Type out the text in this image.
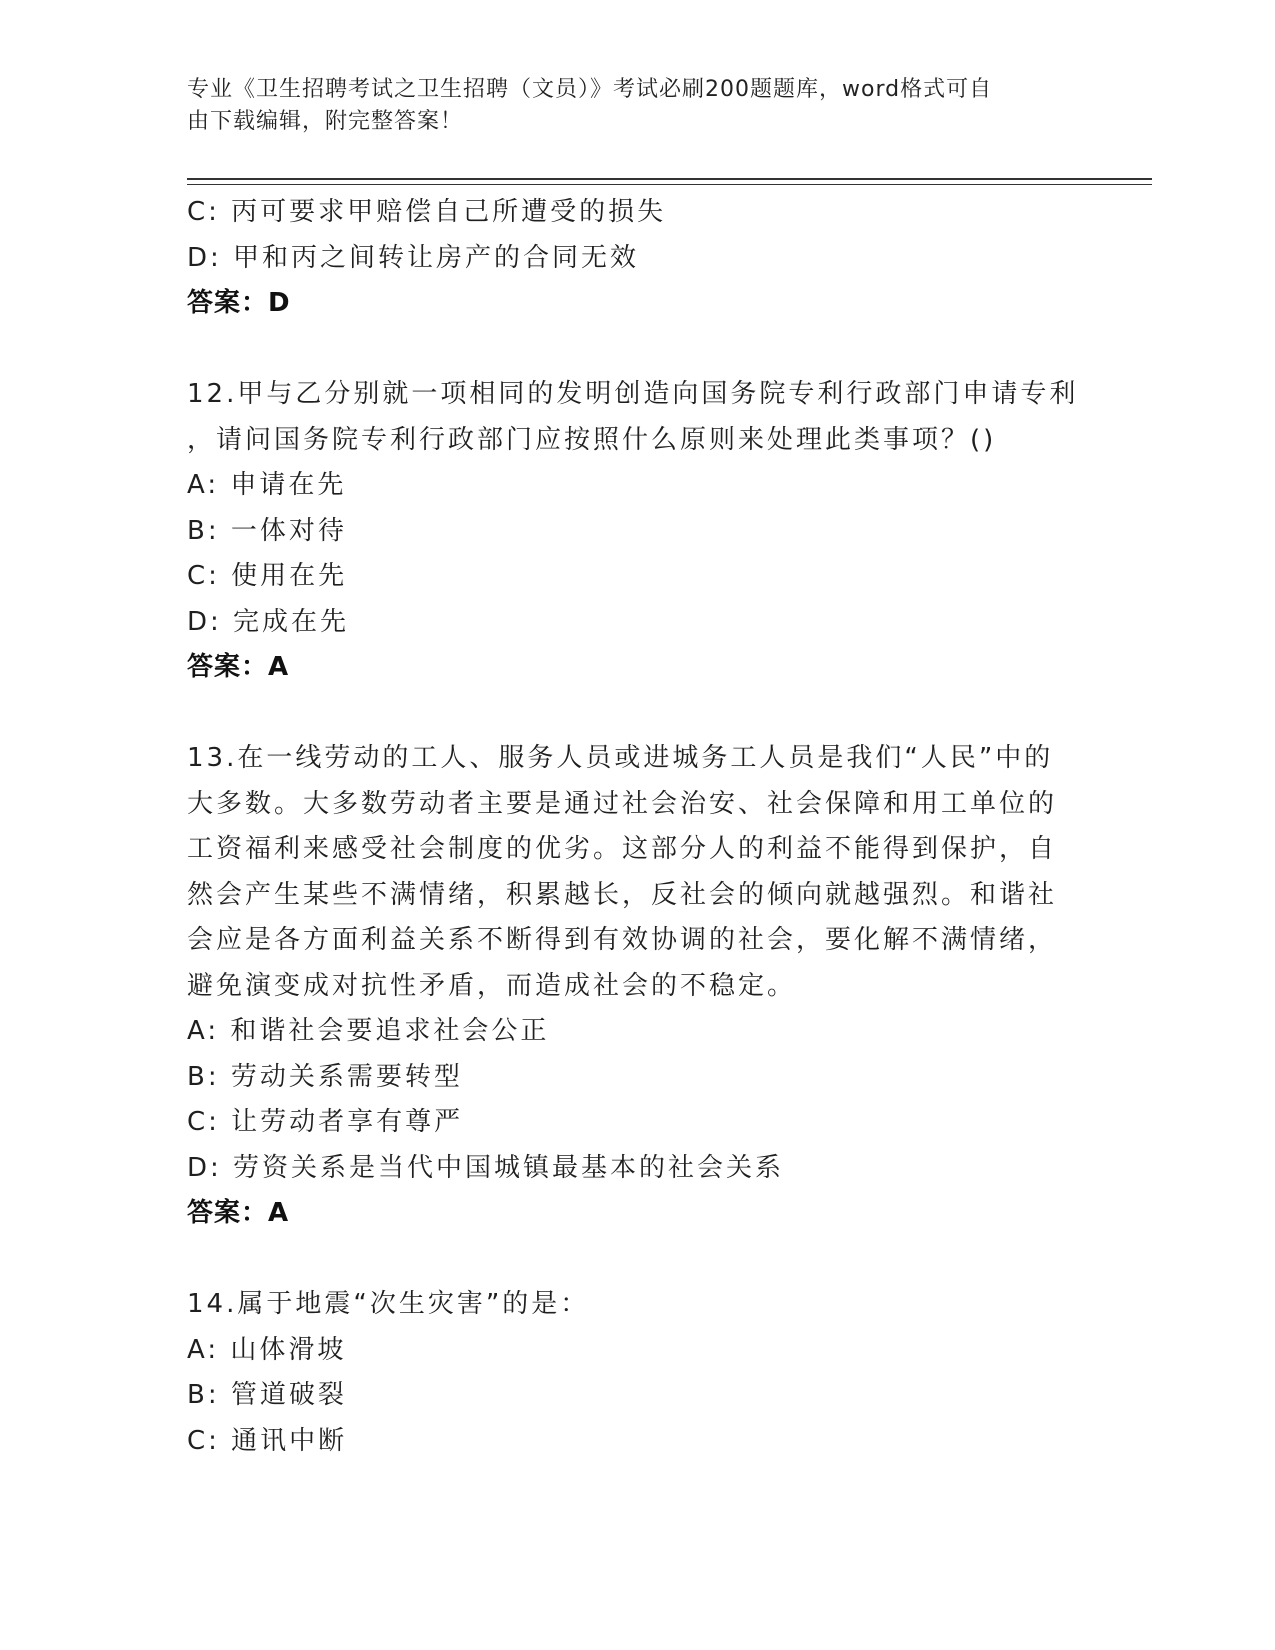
专业《卫生招聘考试之卫生招聘（文员）》考试必刷200题题库，word格式可自
由下载编辑，附完整答案！
C: 丙可要求甲赔偿自己所遭受的损失
D: 甲和丙之间转让房产的合同无效
答案：D
12.甲与乙分别就一项相同的发明创造向国务院专利行政部门申请专利
，请问国务院专利行政部门应按照什么原则来处理此类事项？()
A: 申请在先
B: 一体对待
C: 使用在先
D: 完成在先
答案：A
13.在一线劳动的工人、服务人员或进城务工人员是我们“人民”中的
大多数。大多数劳动者主要是通过社会治安、社会保障和用工单位的
工资福利来感受社会制度的优劣。这部分人的利益不能得到保护，自
然会产生某些不满情绪，积累越长，反社会的倾向就越强烈。和谐社
会应是各方面利益关系不断得到有效协调的社会，要化解不满情绪，
避免演变成对抗性矛盾，而造成社会的不稳定。
A: 和谐社会要追求社会公正
B: 劳动关系需要转型
C: 让劳动者享有尊严
D: 劳资关系是当代中国城镇最基本的社会关系
答案：A
14.属于地震“次生灾害”的是：
A: 山体滑坡
B: 管道破裂
C: 通讯中断
